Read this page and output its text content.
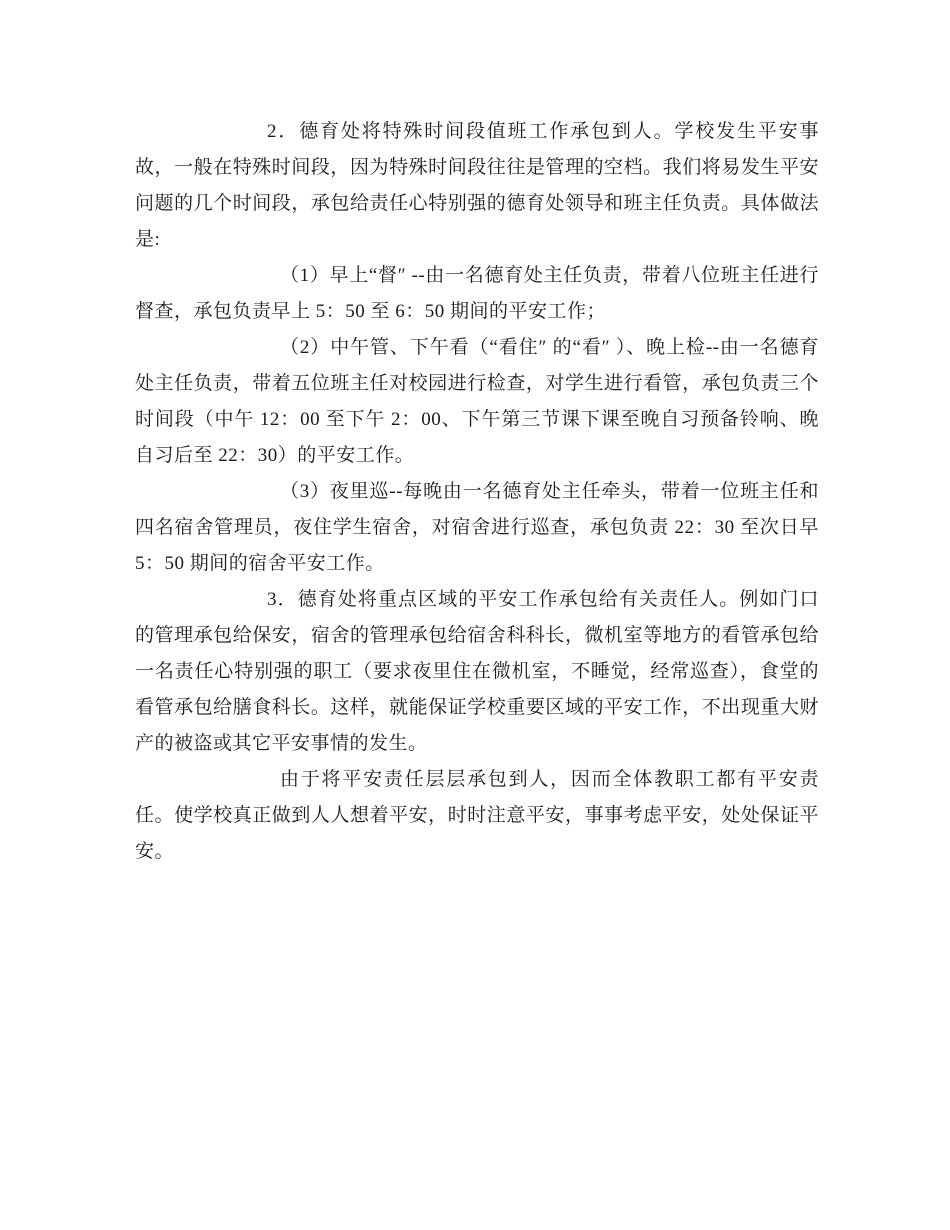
2．德育处将特殊时间段值班工作承包到人。学校发生平安事故，一般在特殊时间段，因为特殊时间段往往是管理的空档。我们将易发生平安问题的几个时间段，承包给责任心特别强的德育处领导和班主任负责。具体做法是:

（1）早上“督″ --由一名德育处主任负责，带着八位班主任进行督查，承包负责早上 5：50 至 6：50 期间的平安工作；

（2）中午管、下午看（“看住″ 的“看″ ）、晚上检--由一名德育处主任负责，带着五位班主任对校园进行检查，对学生进行看管，承包负责三个时间段（中午 12：00 至下午 2：00、下午第三节课下课至晚自习预备铃响、晚自习后至 22：30）的平安工作。

（3）夜里巡--每晚由一名德育处主任牵头，带着一位班主任和四名宿舍管理员，夜住学生宿舍，对宿舍进行巡查，承包负责 22：30 至次日早 5：50 期间的宿舍平安工作。

3．德育处将重点区域的平安工作承包给有关责任人。例如门口的管理承包给保安，宿舍的管理承包给宿舍科科长，微机室等地方的看管承包给一名责任心特别强的职工（要求夜里住在微机室，不睡觉，经常巡查），食堂的看管承包给膳食科长。这样，就能保证学校重要区域的平安工作，不出现重大财产的被盗或其它平安事情的发生。

由于将平安责任层层承包到人，因而全体教职工都有平安责任。使学校真正做到人人想着平安，时时注意平安，事事考虑平安，处处保证平安。
